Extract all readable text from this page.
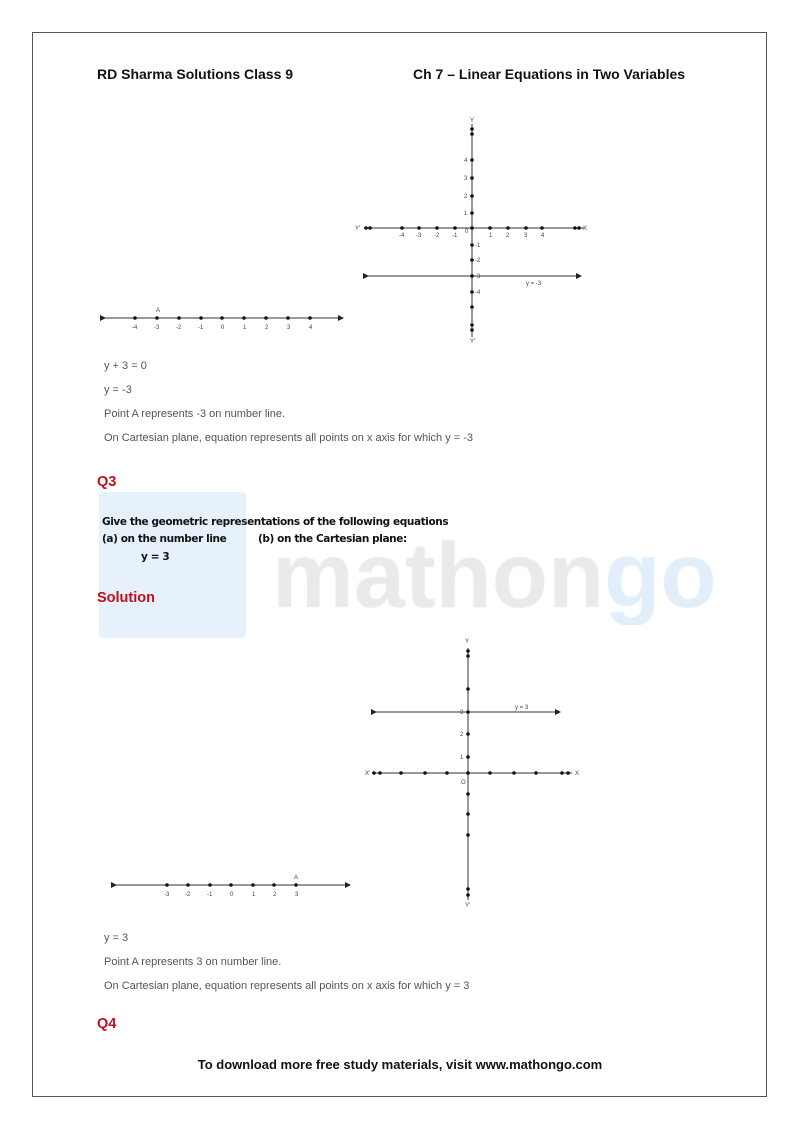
RD Sharma Solutions Class 9	Ch 7 – Linear Equations in Two Variables
Y'	X
Y
Y'
0
-4 -3 -2 -1	1 2 3 4
4
3
2
1
-1
-2
-3
-4
y = -3
A
-4	-3	-2	-1	0	1	2	3	4
X'	X
Y
Y'
O
3
2
1
y = 3
A
-3	-2	-1	0	1	2	3
y + 3 = 0
y = -3
Point A represents -3 on number line.
On Cartesian plane, equation represents all points on x axis for which y = -3
Q3
Give the geometric representations of the following equations
(a) on the number line	(b) on the Cartesian plane:
y = 3
Solution
y = 3
Point A represents 3 on number line.
On Cartesian plane, equation represents all points on x axis for which y = 3
Q4
To download more free study materials, visit www.mathongo.com
